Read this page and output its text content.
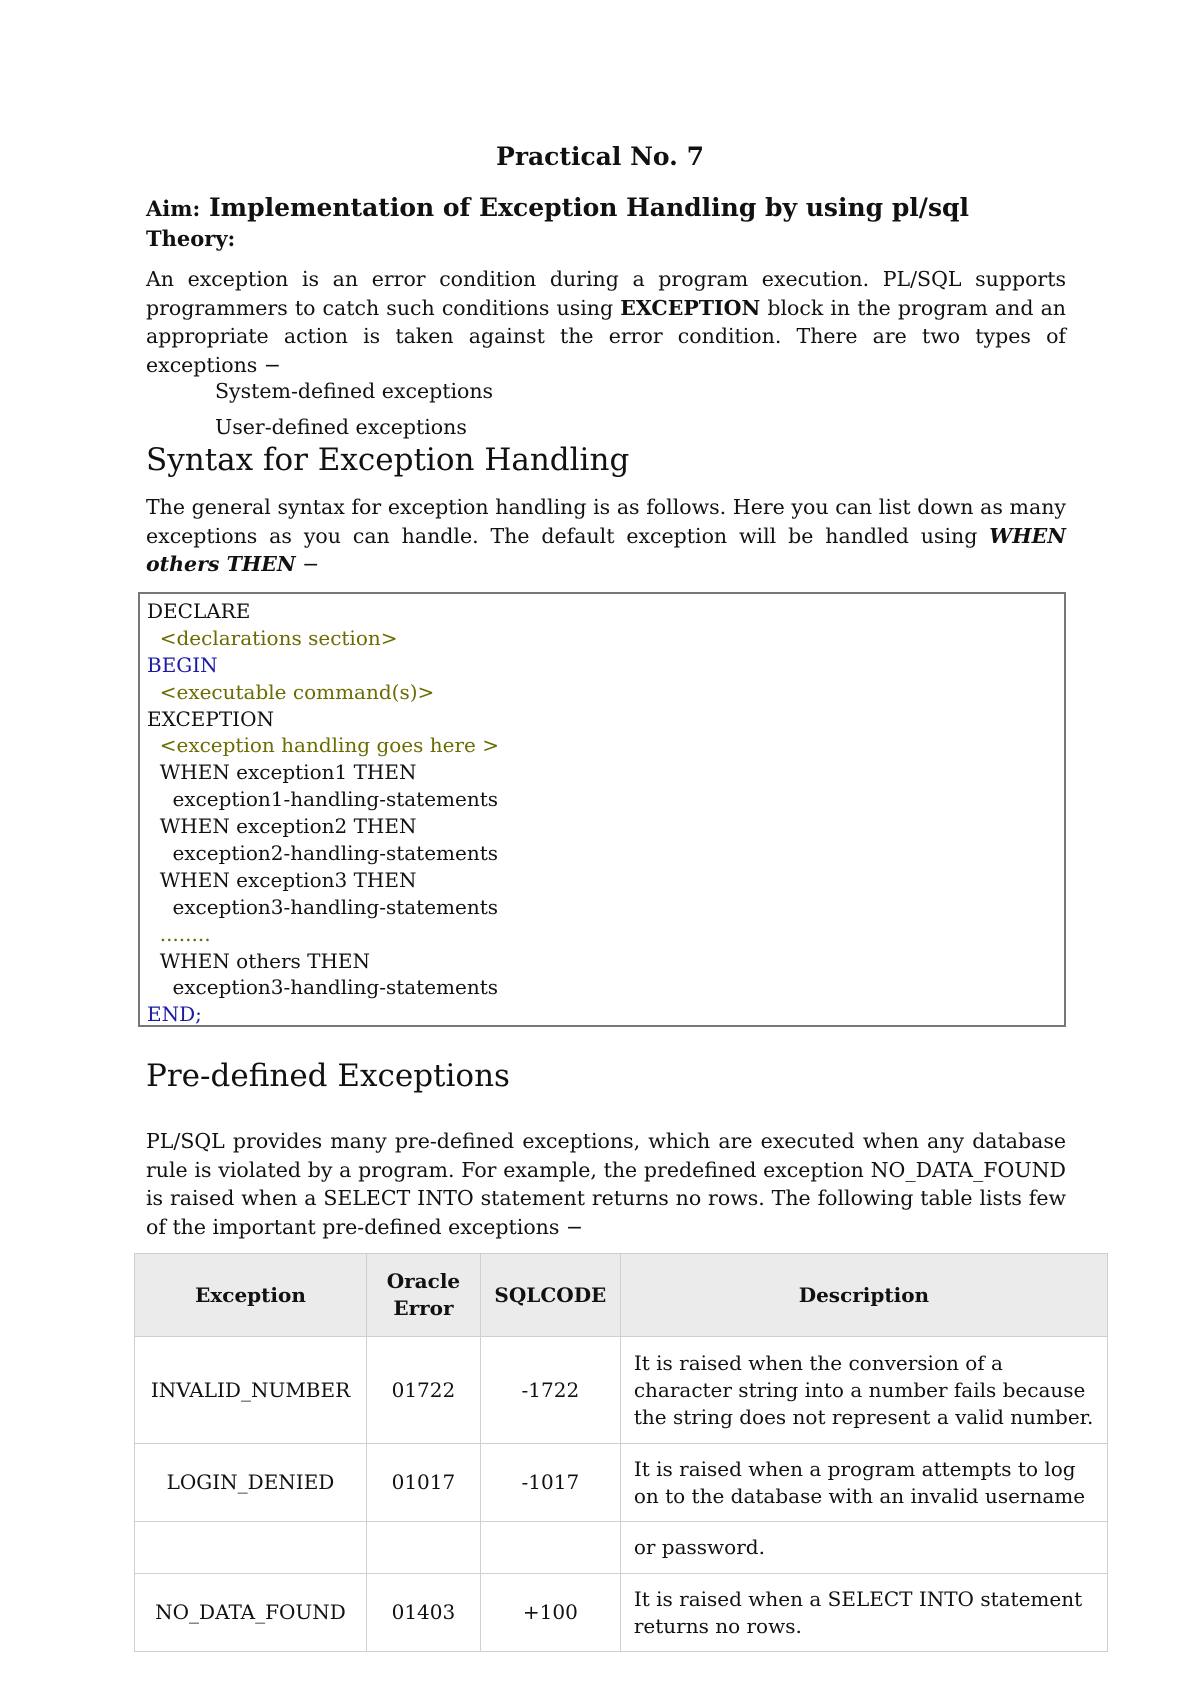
Practical No. 7
Aim: Implementation of Exception Handling by using pl/sql
Theory:
An exception is an error condition during a program execution. PL/SQL supports programmers to catch such conditions using EXCEPTION block in the program and an appropriate action is taken against the error condition. There are two types of exceptions −
System-defined exceptions
User-defined exceptions
Syntax for Exception Handling
The general syntax for exception handling is as follows. Here you can list down as many exceptions as you can handle. The default exception will be handled using WHEN others THEN −
DECLARE
<declarations section>
BEGIN
<executable command(s)>
EXCEPTION
<exception handling goes here >
WHEN exception1 THEN
exception1-handling-statements
WHEN exception2 THEN
exception2-handling-statements
WHEN exception3 THEN
exception3-handling-statements
........
WHEN others THEN
exception3-handling-statements
END;
Pre-defined Exceptions
PL/SQL provides many pre-defined exceptions, which are executed when any database rule is violated by a program. For example, the predefined exception NO_DATA_FOUND is raised when a SELECT INTO statement returns no rows. The following table lists few of the important pre-defined exceptions −
Exception	Oracle Error	SQLCODE	Description
INVALID_NUMBER	01722	-1722	It is raised when the conversion of a character string into a number fails because the string does not represent a valid number.
LOGIN_DENIED	01017	-1017	It is raised when a program attempts to log on to the database with an invalid username
			or password.
NO_DATA_FOUND	01403	+100	It is raised when a SELECT INTO statement returns no rows.
